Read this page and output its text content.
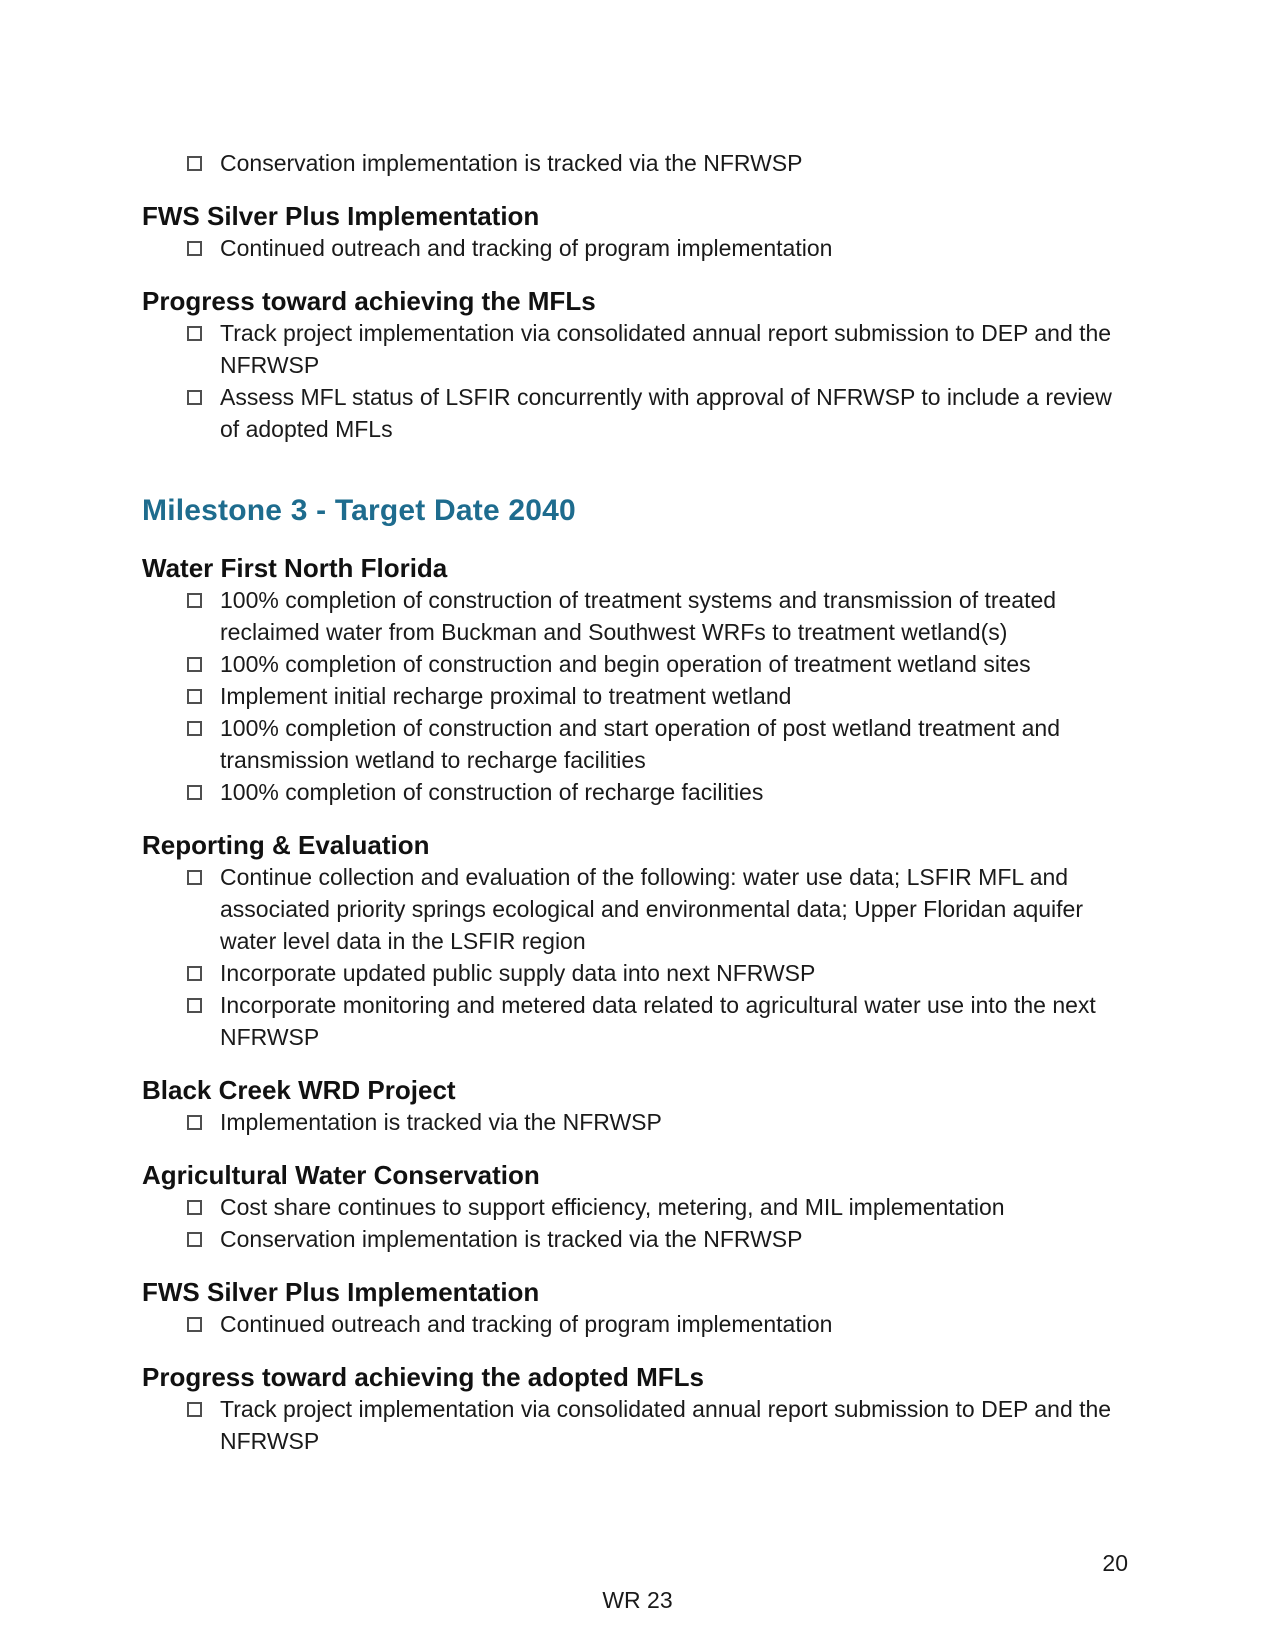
Conservation implementation is tracked via the NFRWSP
FWS Silver Plus Implementation
Continued outreach and tracking of program implementation
Progress toward achieving the MFLs
Track project implementation via consolidated annual report submission to DEP and the NFRWSP
Assess MFL status of LSFIR concurrently with approval of NFRWSP to include a review of adopted MFLs
Milestone 3 - Target Date 2040
Water First North Florida
100% completion of construction of treatment systems and transmission of treated reclaimed water from Buckman and Southwest WRFs to treatment wetland(s)
100% completion of construction and begin operation of treatment wetland sites
Implement initial recharge proximal to treatment wetland
100% completion of construction and start operation of post wetland treatment and transmission wetland to recharge facilities
100% completion of construction of recharge facilities
Reporting & Evaluation
Continue collection and evaluation of the following: water use data; LSFIR MFL and associated priority springs ecological and environmental data; Upper Floridan aquifer water level data in the LSFIR region
Incorporate updated public supply data into next NFRWSP
Incorporate monitoring and metered data related to agricultural water use into the next NFRWSP
Black Creek WRD Project
Implementation is tracked via the NFRWSP
Agricultural Water Conservation
Cost share continues to support efficiency, metering, and MIL implementation
Conservation implementation is tracked via the NFRWSP
FWS Silver Plus Implementation
Continued outreach and tracking of program implementation
Progress toward achieving the adopted MFLs
Track project implementation via consolidated annual report submission to DEP and the NFRWSP
20
WR 23
